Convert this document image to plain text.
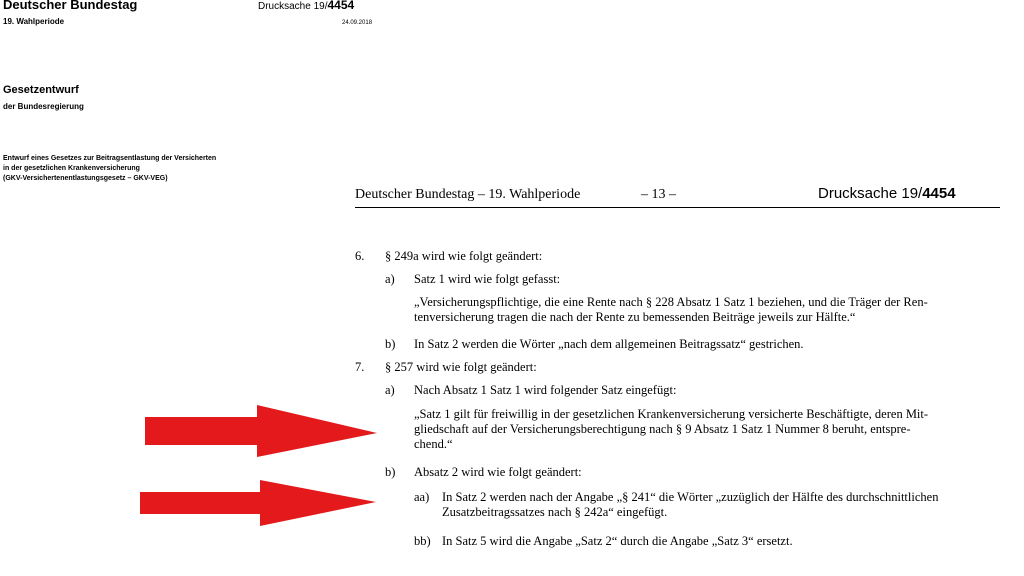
Deutscher Bundestag	Drucksache 19/4454
19. Wahlperiode	24.09.2018
Gesetzentwurf
der Bundesregierung
Entwurf eines Gesetzes zur Beitragsentlastung der Versicherten
in der gesetzlichen Krankenversicherung
(GKV-Versichertenentlastungsgesetz – GKV-VEG)
Deutscher Bundestag – 19. Wahlperiode	– 13 –	Drucksache 19/4454
6. § 249a wird wie folgt geändert:
a) Satz 1 wird wie folgt gefasst:
„Versicherungspflichtige, die eine Rente nach § 228 Absatz 1 Satz 1 beziehen, und die Träger der Ren-
tenversicherung tragen die nach der Rente zu bemessenden Beiträge jeweils zur Hälfte.“
b) In Satz 2 werden die Wörter „nach dem allgemeinen Beitragssatz“ gestrichen.
7. § 257 wird wie folgt geändert:
a) Nach Absatz 1 Satz 1 wird folgender Satz eingefügt:
„Satz 1 gilt für freiwillig in der gesetzlichen Krankenversicherung versicherte Beschäftigte, deren Mit-
gliedschaft auf der Versicherungsberechtigung nach § 9 Absatz 1 Satz 1 Nummer 8 beruht, entspre-
chend.“
b) Absatz 2 wird wie folgt geändert:
aa) In Satz 2 werden nach der Angabe „§ 241“ die Wörter „zuzüglich der Hälfte des durchschnittlichen
Zusatzbeitragssatzes nach § 242a“ eingefügt.
bb) In Satz 5 wird die Angabe „Satz 2“ durch die Angabe „Satz 3“ ersetzt.
